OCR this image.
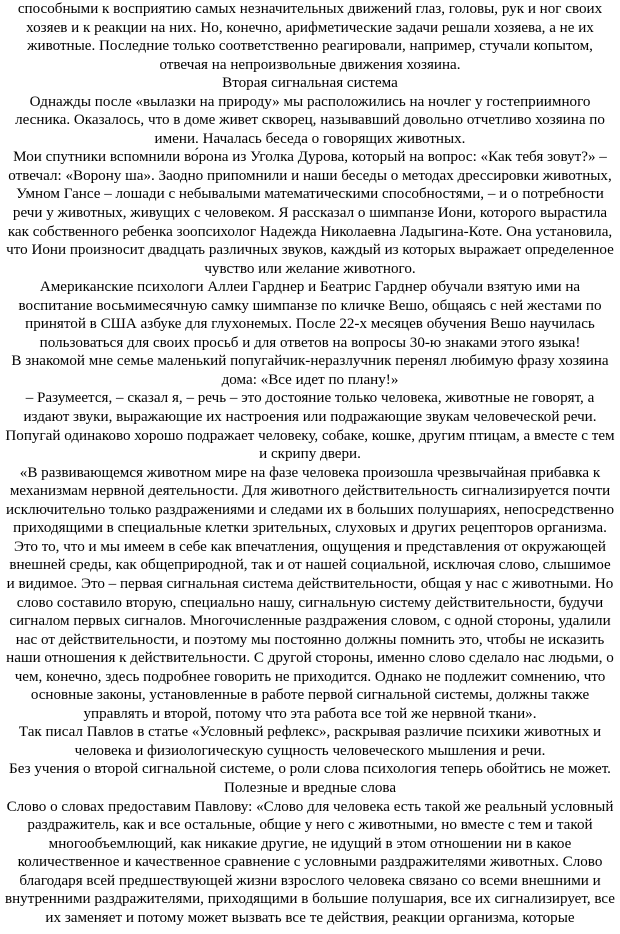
способными к восприятию самых незначительных движений глаз, головы, рук и ног своих хозяев и к реакции на них. Но, конечно, арифметические задачи решали хозяева, а не их животные. Последние только соответственно реагировали, например, стучали копытом, отвечая на непроизвольные движения хозяина.

Вторая сигнальная система

Однажды после «вылазки на природу» мы расположились на ночлег у гостеприимного лесника. Оказалось, что в доме живет скворец, называвший довольно отчетливо хозяина по имени. Началась беседа о говорящих животных.

Мои спутники вспомнили во́рона из Уголка Дурова, который на вопрос: «Как тебя зовут?» – отвечал: «Ворону ша». Заодно припомнили и наши беседы о методах дрессировки животных, Умном Гансе – лошади с небывалыми математическими способностями, – и о потребности речи у животных, живущих с человеком. Я рассказал о шимпанзе Иони, которого вырастила как собственного ребенка зоопсихолог Надежда Николаевна Ладыгина-Коте. Она установила, что Иони произносит двадцать различных звуков, каждый из которых выражает определенное чувство или желание животного.

Американские психологи Аллеи Гарднер и Беатрис Гарднер обучали взятую ими на воспитание восьмимесячную самку шимпанзе по кличке Вешо, общаясь с ней жестами по принятой в США азбуке для глухонемых. После 22-х месяцев обучения Вешо научилась пользоваться для своих просьб и для ответов на вопросы 30-ю знаками этого языка!

В знакомой мне семье маленький попугайчик-неразлучник перенял любимую фразу хозяина дома: «Все идет по плану!»

– Разумеется, – сказал я, – речь – это достояние только человека, животные не говорят, а издают звуки, выражающие их настроения или подражающие звукам человеческой речи. Попугай одинаково хорошо подражает человеку, собаке, кошке, другим птицам, а вместе с тем и скрипу двери.

«В развивающемся животном мире на фазе человека произошла чрезвычайная прибавка к механизмам нервной деятельности. Для животного действительность сигнализируется почти исключительно только раздражениями и следами их в больших полушариях, непосредственно приходящими в специальные клетки зрительных, слуховых и других рецепторов организма. Это то, что и мы имеем в себе как впечатления, ощущения и представления от окружающей внешней среды, как общеприродной, так и от нашей социальной, исключая слово, слышимое и видимое. Это – первая сигнальная система действительности, общая у нас с животными. Но слово составило вторую, специально нашу, сигнальную систему действительности, будучи сигналом первых сигналов. Многочисленные раздражения словом, с одной стороны, удалили нас от действительности, и поэтому мы постоянно должны помнить это, чтобы не исказить наши отношения к действительности. С другой стороны, именно слово сделало нас людьми, о чем, конечно, здесь подробнее говорить не приходится. Однако не подлежит сомнению, что основные законы, установленные в работе первой сигнальной системы, должны также управлять и второй, потому что эта работа все той же нервной ткани».

Так писал Павлов в статье «Условный рефлекс», раскрывая различие психики животных и человека и физиологическую сущность человеческого мышления и речи.

Без учения о второй сигнальной системе, о роли слова психология теперь обойтись не может.

Полезные и вредные слова

Слово о словах предоставим Павлову: «Слово для человека есть такой же реальный условный раздражитель, как и все остальные, общие у него с животными, но вместе с тем и такой многообъемлющий, как никакие другие, не идущий в этом отношении ни в какое количественное и качественное сравнение с условными раздражителями животных. Слово благодаря всей предшествующей жизни взрослого человека связано со всеми внешними и внутренними раздражителями, приходящими в большие полушария, все их сигнализирует, все их заменяет и потому может вызвать все те действия, реакции организма, которые
